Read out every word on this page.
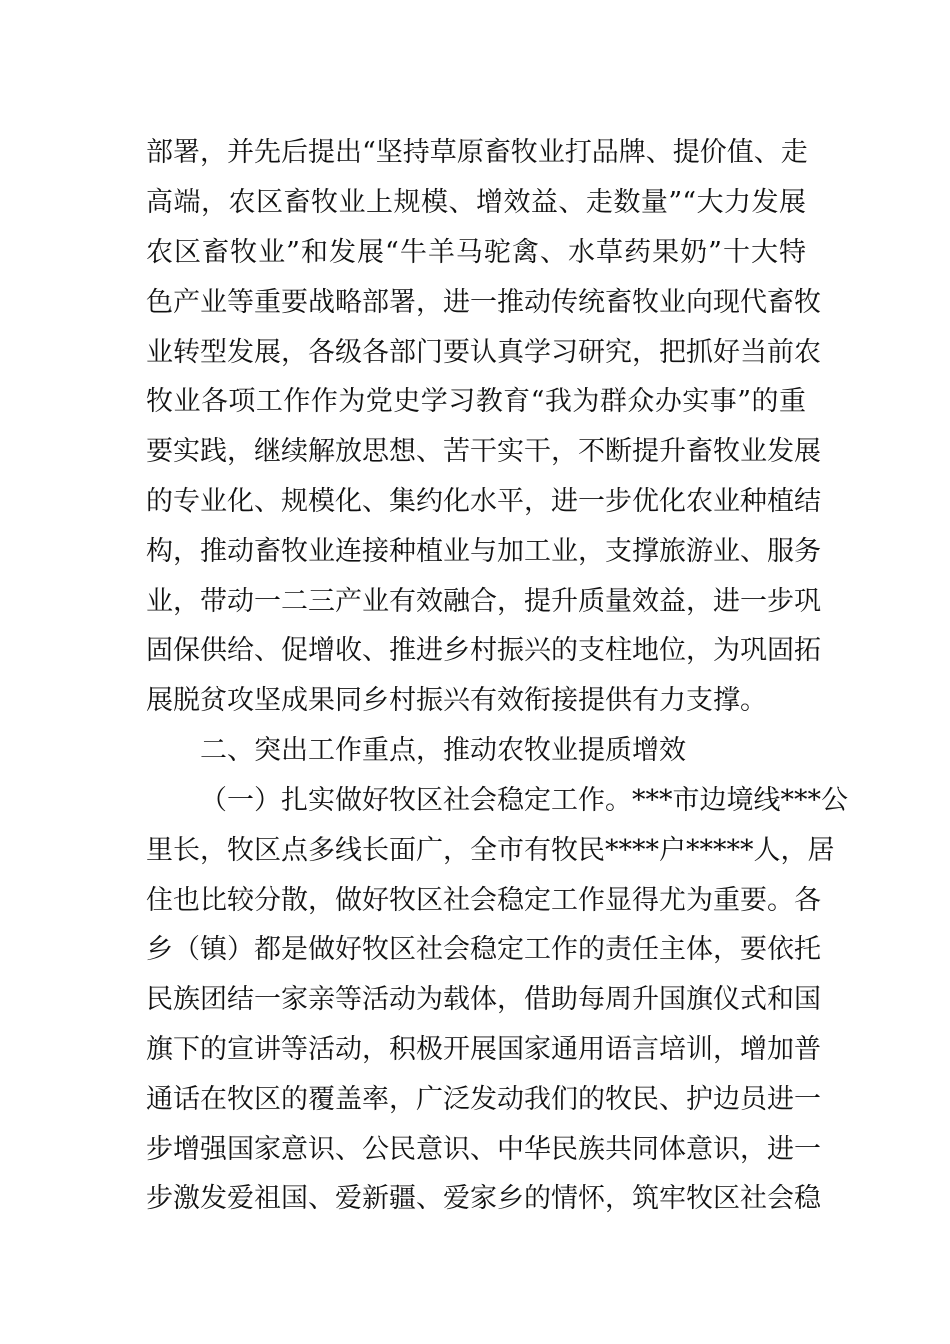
部署，并先后提出“坚持草原畜牧业打品牌、提价值、走
高端，农区畜牧业上规模、增效益、走数量”“大力发展
农区畜牧业”和发展“牛羊马驼禽、水草药果奶”十大特
色产业等重要战略部署，进一推动传统畜牧业向现代畜牧
业转型发展，各级各部门要认真学习研究，把抓好当前农
牧业各项工作作为党史学习教育“我为群众办实事”的重
要实践，继续解放思想、苦干实干，不断提升畜牧业发展
的专业化、规模化、集约化水平，进一步优化农业种植结
构，推动畜牧业连接种植业与加工业，支撑旅游业、服务
业，带动一二三产业有效融合，提升质量效益，进一步巩
固保供给、促增收、推进乡村振兴的支柱地位，为巩固拓
展脱贫攻坚成果同乡村振兴有效衔接提供有力支撑。
二、突出工作重点，推动农牧业提质增效
（一）扎实做好牧区社会稳定工作。***市边境线***公
里长，牧区点多线长面广，全市有牧民****户*****人，居
住也比较分散，做好牧区社会稳定工作显得尤为重要。各
乡（镇）都是做好牧区社会稳定工作的责任主体，要依托
民族团结一家亲等活动为载体，借助每周升国旗仪式和国
旗下的宣讲等活动，积极开展国家通用语言培训，增加普
通话在牧区的覆盖率，广泛发动我们的牧民、护边员进一
步增强国家意识、公民意识、中华民族共同体意识，进一
步激发爱祖国、爱新疆、爱家乡的情怀，筑牢牧区社会稳
